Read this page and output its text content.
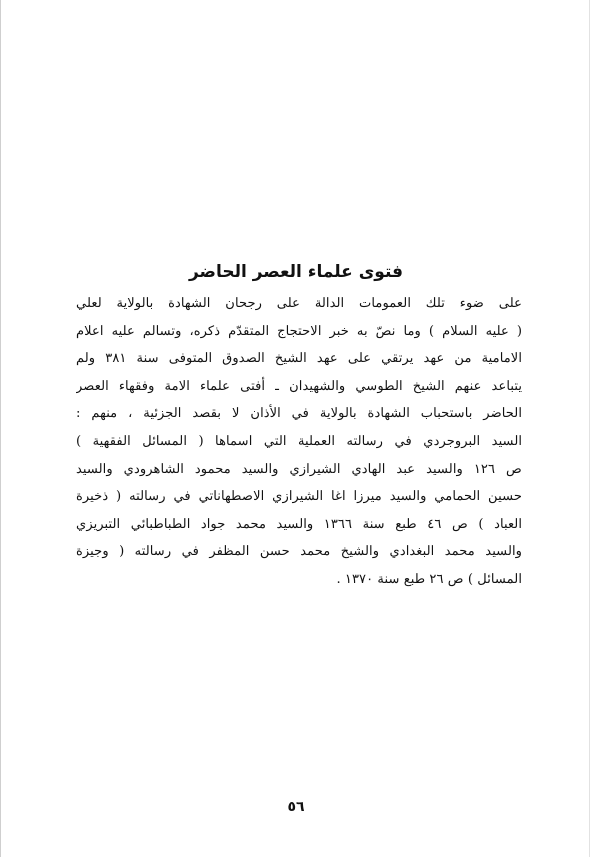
فتوى علماء العصر الحاضر
على ضوء تلك العمومات الدالة على رجحان الشهادة بالولاية لعلي
( عليه السلام ) وما نصّ به خبر الاحتجاج المتقدّم ذكره، وتسالم عليه اعلام
الامامية من عهد يرتقي على عهد الشيخ الصدوق المتوفى سنة ٣٨١ ولم
يتباعد عنهم الشيخ الطوسي والشهيدان ـ أفتى علماء الامة وفقهاء العصر
الحاضر باستحباب الشهادة بالولاية في الأذان لا بقصد الجزئية ، منهم :
السيد البروجردي في رسالته العملية التي اسماها ( المسائل الفقهية )
ص ١٢٦ والسيد عبد الهادي الشيرازي والسيد محمود الشاهرودي والسيد
حسين الحمامي والسيد ميرزا اغا الشيرازي الاصطهاناتي في رسالته ( ذخيرة
العباد ) ص ٤٦ طبع سنة ١٣٦٦ والسيد محمد جواد الطباطبائي التبريزي
والسيد محمد البغدادي والشيخ محمد حسن المظفر في رسالته ( وجيزة
المسائل ) ص ٢٦ طبع سنة ١٣٧٠ .
٥٦
